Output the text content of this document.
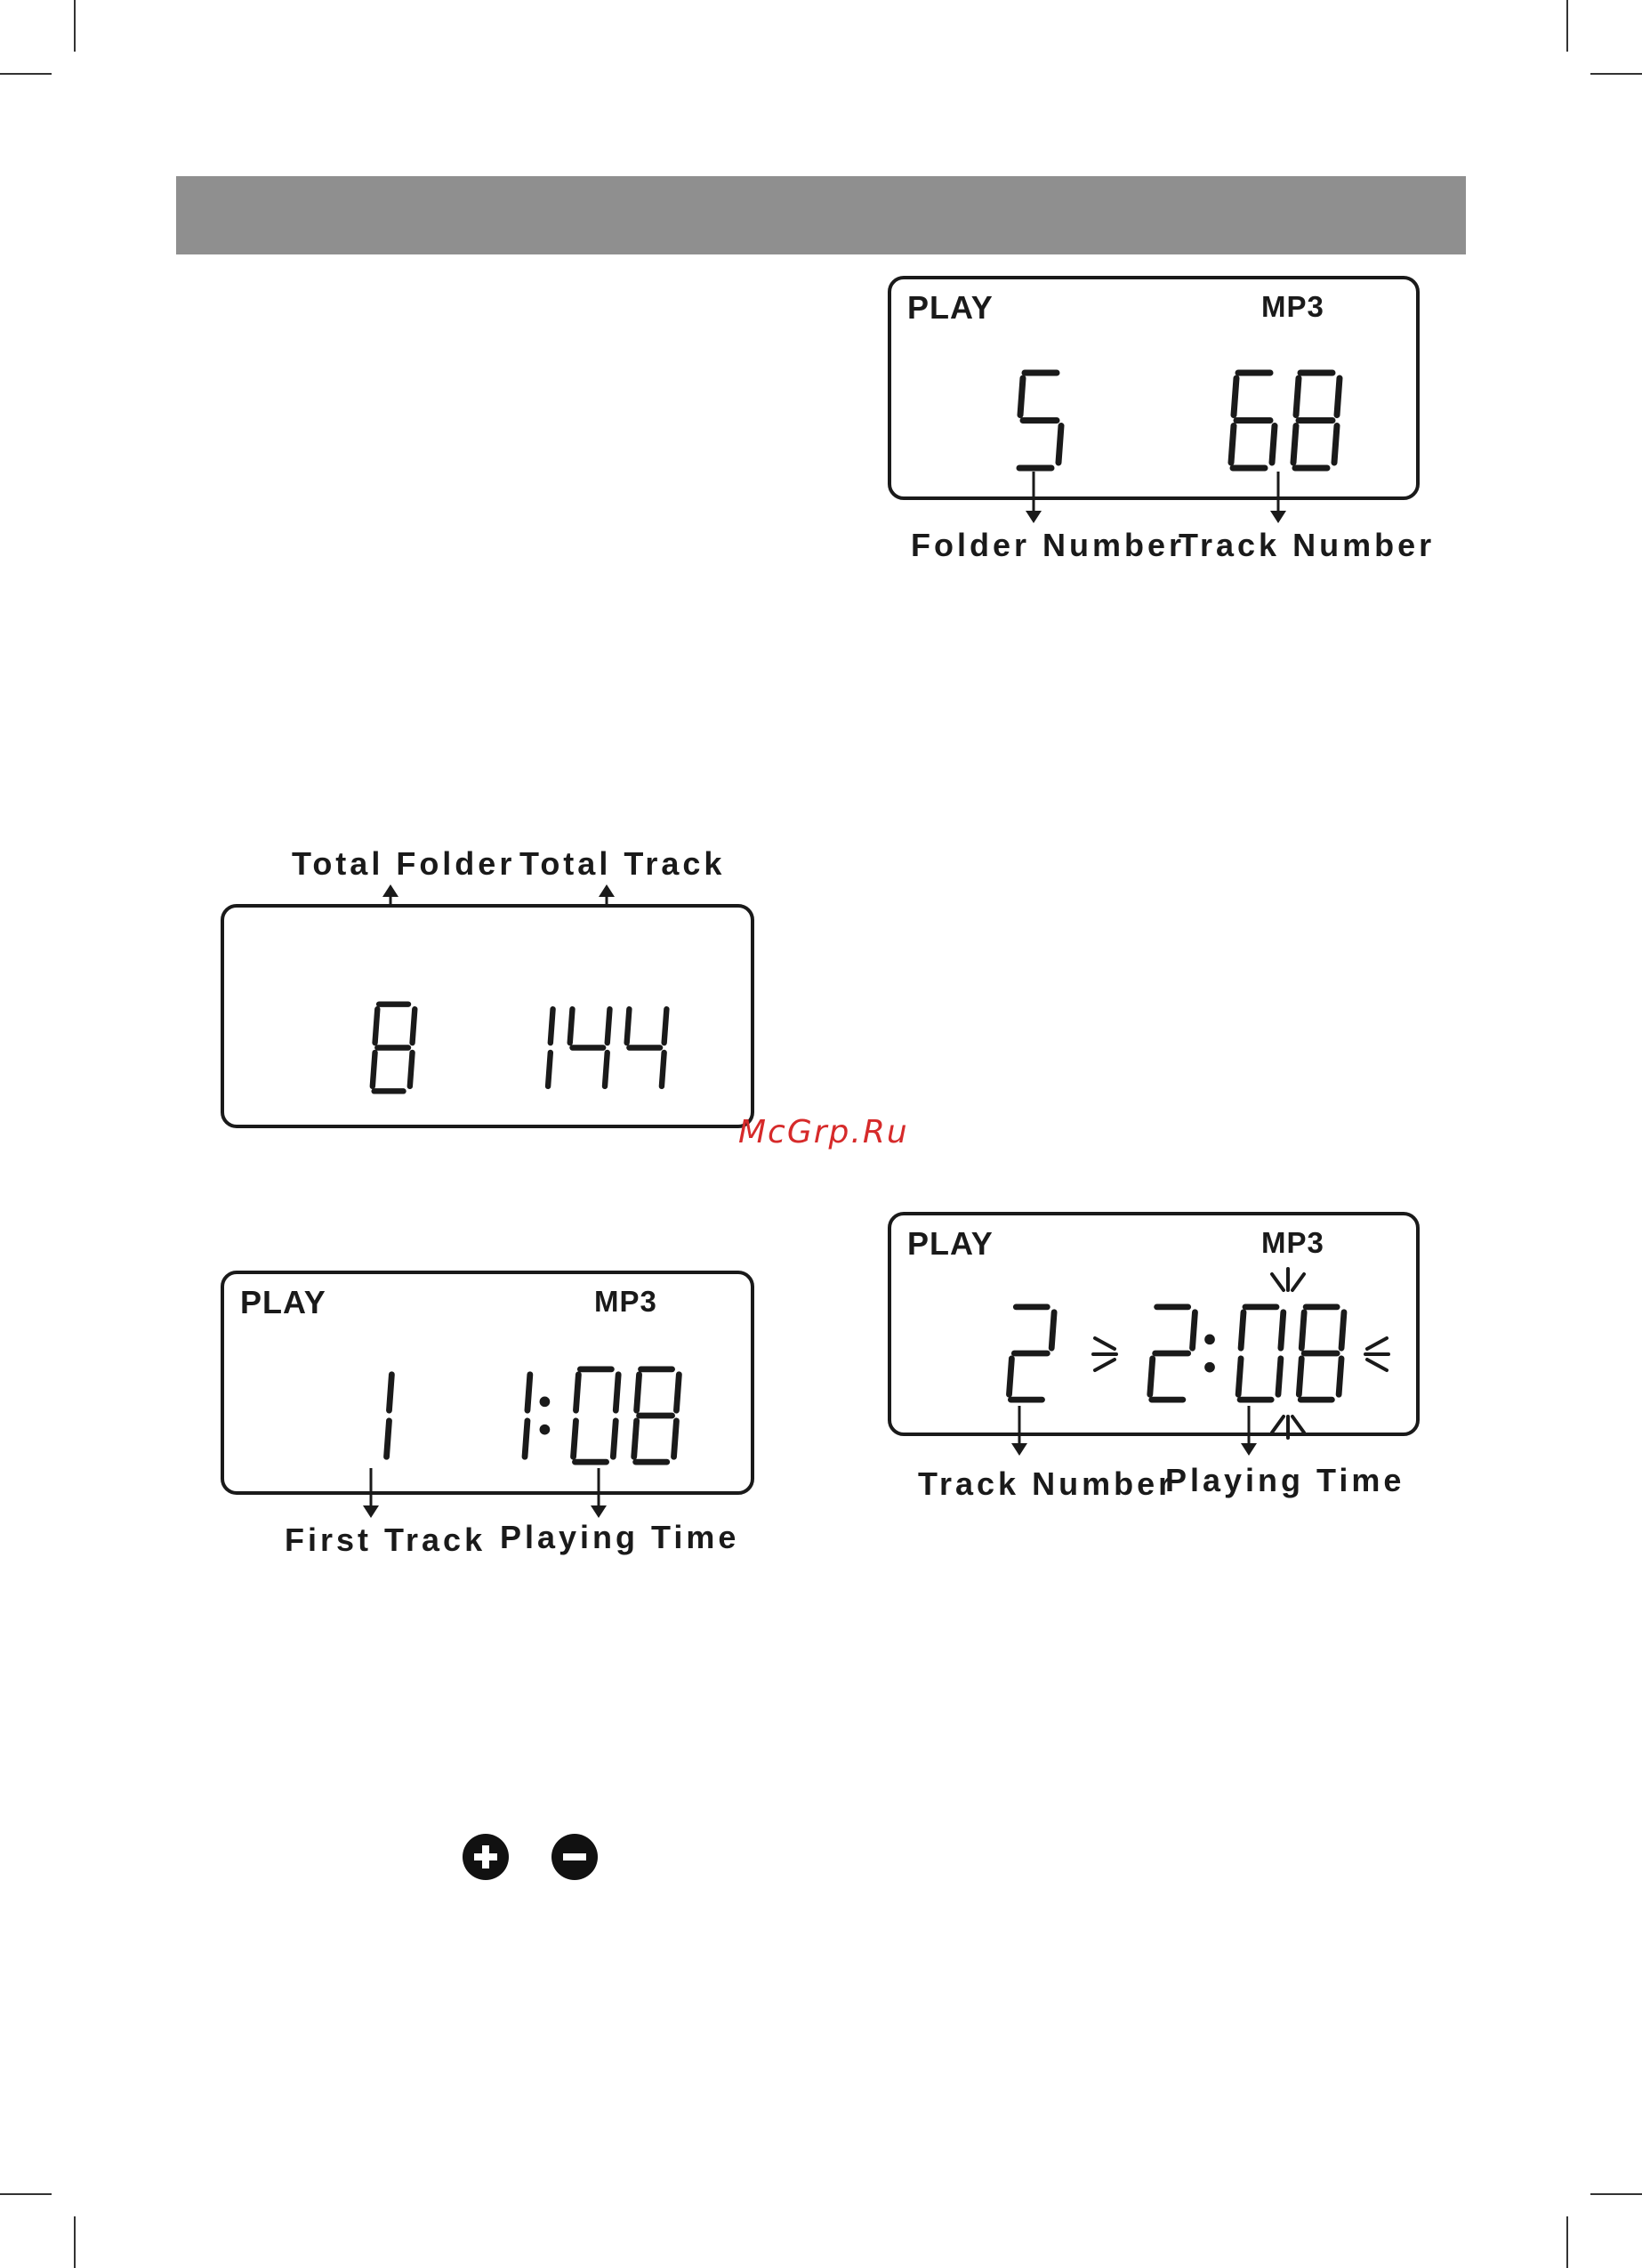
PLAY	MP3
Folder Number
Track Number
Total Folder Total Track
McGrp.Ru
PLAY	MP3
First Track Playing Time
PLAY	MP3
Track Number
Playing Time
